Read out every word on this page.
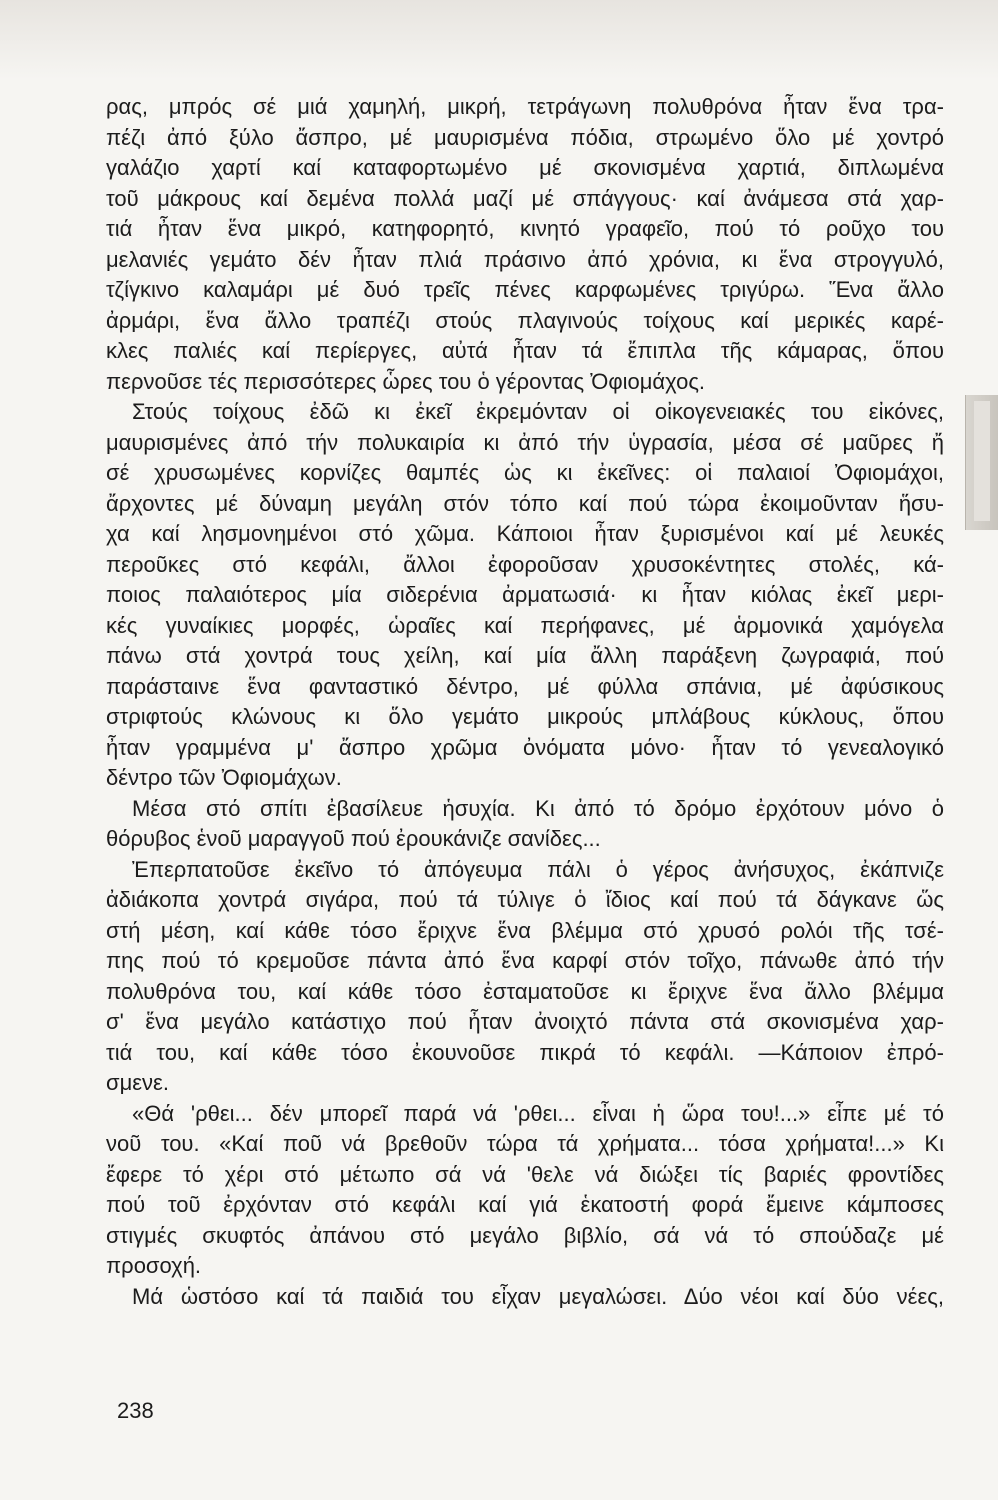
ρας, μπρός σέ μιά χαμηλή, μικρή, τετράγωνη πολυθρόνα ἦταν ἕνα τρα-
πέζι ἀπό ξύλο ἄσπρο, μέ μαυρισμένα πόδια, στρωμένο ὅλο μέ χοντρό
γαλάζιο χαρτί καί καταφορτωμένο μέ σκονισμένα χαρτιά, διπλωμένα
τοῦ μάκρους καί δεμένα πολλά μαζί μέ σπάγγους· καί ἀνάμεσα στά χαρ-
τιά ἦταν ἕνα μικρό, κατηφορητό, κινητό γραφεῖο, πού τό ροῦχο του
μελανιές γεμάτο δέν ἦταν πλιά πράσινο ἀπό χρόνια, κι ἕνα στρογγυλό,
τζίγκινο καλαμάρι μέ δυό τρεῖς πένες καρφωμένες τριγύρω. Ἕνα ἄλλο
ἀρμάρι, ἕνα ἄλλο τραπέζι στούς πλαγινούς τοίχους καί μερικές καρέ-
κλες παλιές καί περίεργες, αὐτά ἦταν τά ἔπιπλα τῆς κάμαρας, ὅπου
περνοῦσε τές περισσότερες ὧρες του ὁ γέροντας Ὀφιομάχος.
Στούς τοίχους ἐδῶ κι ἐκεῖ ἐκρεμόνταν οἱ οἰκογενειακές του εἰκόνες,
μαυρισμένες ἀπό τήν πολυκαιρία κι ἀπό τήν ὑγρασία, μέσα σέ μαῦρες ἤ
σέ χρυσωμένες κορνίζες θαμπές ὡς κι ἐκεῖνες: οἱ παλαιοί Ὀφιομάχοι,
ἄρχοντες μέ δύναμη μεγάλη στόν τόπο καί πού τώρα ἐκοιμοῦνταν ἥσυ-
χα καί λησμονημένοι στό χῶμα. Κάποιοι ἦταν ξυρισμένοι καί μέ λευκές
περοῦκες στό κεφάλι, ἄλλοι ἐφοροῦσαν χρυσοκέντητες στολές, κά-
ποιος παλαιότερος μία σιδερένια ἀρματωσιά· κι ἦταν κιόλας ἐκεῖ μερι-
κές γυναίκιες μορφές, ὡραῖες καί περήφανες, μέ ἁρμονικά χαμόγελα
πάνω στά χοντρά τους χείλη, καί μία ἄλλη παράξενη ζωγραφιά, πού
παράσταινε ἕνα φανταστικό δέντρο, μέ φύλλα σπάνια, μέ ἀφύσικους
στριφτούς κλώνους κι ὅλο γεμάτο μικρούς μπλάβους κύκλους, ὅπου
ἦταν γραμμένα μ' ἄσπρο χρῶμα ὀνόματα μόνο· ἦταν τό γενεαλογικό
δέντρο τῶν Ὀφιομάχων.
Μέσα στό σπίτι ἐβασίλευε ἡσυχία. Κι ἀπό τό δρόμο ἐρχότουν μόνο ὁ
θόρυβος ἑνοῦ μαραγγοῦ πού ἐρουκάνιζε σανίδες...
Ἐπερπατοῦσε ἐκεῖνο τό ἀπόγευμα πάλι ὁ γέρος ἀνήσυχος, ἐκάπνιζε
ἀδιάκοπα χοντρά σιγάρα, πού τά τύλιγε ὁ ἴδιος καί πού τά δάγκανε ὥς
στή μέση, καί κάθε τόσο ἔριχνε ἕνα βλέμμα στό χρυσό ρολόι τῆς τσέ-
πης πού τό κρεμοῦσε πάντα ἀπό ἕνα καρφί στόν τοῖχο, πάνωθε ἀπό τήν
πολυθρόνα του, καί κάθε τόσο ἐσταματοῦσε κι ἔριχνε ἕνα ἄλλο βλέμμα
σ' ἕνα μεγάλο κατάστιχο πού ἦταν ἀνοιχτό πάντα στά σκονισμένα χαρ-
τιά του, καί κάθε τόσο ἐκουνοῦσε πικρά τό κεφάλι. —Κάποιον ἐπρό-
σμενε.
«Θά 'ρθει... δέν μπορεῖ παρά νά 'ρθει... εἶναι ἡ ὥρα του!...» εἶπε μέ τό
νοῦ του. «Καί ποῦ νά βρεθοῦν τώρα τά χρήματα... τόσα χρήματα!...» Κι
ἔφερε τό χέρι στό μέτωπο σά νά 'θελε νά διώξει τίς βαριές φροντίδες
πού τοῦ ἐρχόνταν στό κεφάλι καί γιά ἑκατοστή φορά ἔμεινε κάμποσες
στιγμές σκυφτός ἀπάνου στό μεγάλο βιβλίο, σά νά τό σπούδαζε μέ
προσοχή.
Μά ὡστόσο καί τά παιδιά του εἶχαν μεγαλώσει. Δύο νέοι καί δύο νέες,
238
